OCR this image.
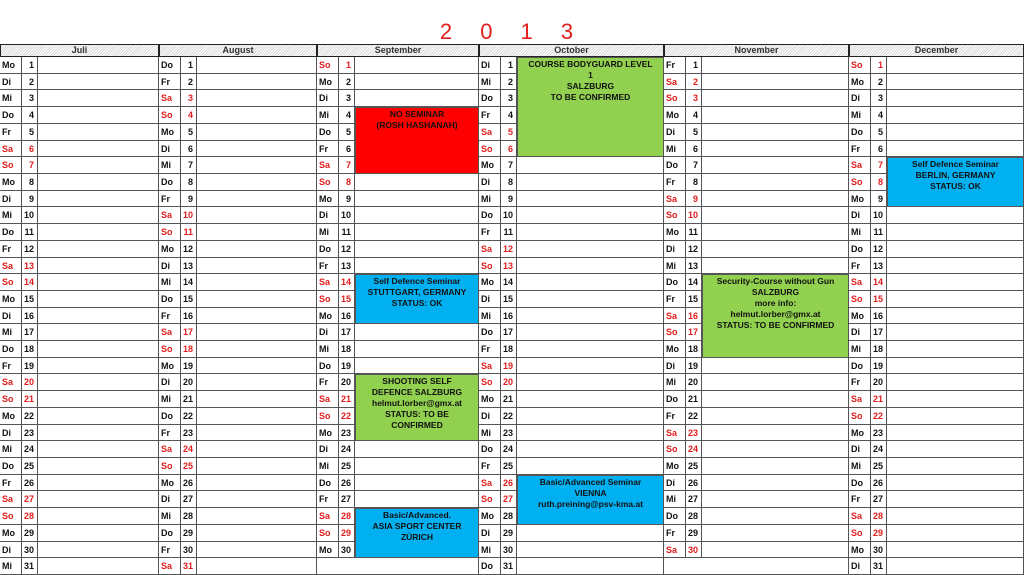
2 0 1 3
Juli
Mo	1
Di	2
Mi	3
Do	4
Fr	5
Sa	6
So	7
Mo	8
Di	9
Mi	10
Do	11
Fr	12
Sa	13
So	14
Mo 15
Di	16
Mi	17
Do	18
Fr	19
Sa	20
So	21
Mo 22
Di	23
Mi	24
Do	25
Fr	26
Sa	27
So	28
Mo 29
Di	30
Mi	31
August
Do	1
Fr	2
Sa	3
So	4
Mo	5
Di	6
Mi	7
Do	8
Fr	9
Sa	10
So	11
Mo 12
Di	13
Mi	14
Do	15
Fr	16
Sa	17
So	18
Mo 19
Di	20
Mi	21
Do	22
Fr	23
Sa	24
So	25
Mo 26
Di	27
Mi	28
Do	29
Fr	30
Sa	31
September
So	1
Mo	2
Di	3
Mi	4
Do	5
Fr	6
Sa	7
So	8
Mo	9
Di	10
Mi	11
Do	12
Fr	13
Sa	14
So	15
Mo 16
Di	17
Mi	18
Do	19
Fr	20
Sa	21
So	22
Mo 23
Di	24
Mi	25
Do	26
Fr	27
Sa	28
So	29
Mo 30
October
Di	1
Mi	2
Do	3
Fr	4
Sa	5
So	6
Mo	7
Di	8
Mi	9
Do	10
Fr	11
Sa	12
So	13
Mo 14
Di	15
Mi	16
Do	17
Fr	18
Sa	19
So	20
Mo 21
Di	22
Mi	23
Do	24
Fr	25
Sa	26
So	27
Mo 28
Di	29
Mi	30
Do	31
November
Fr	1
Sa	2
So	3
Mo	4
Di	5
Mi	6
Do	7
Fr	8
Sa	9
So	10
Mo	11
Di	12
Mi	13
Do	14
Fr	15
Sa	16
So	17
Mo 18
Di	19
Mi	20
Do	21
Fr	22
Sa	23
So	24
Mo 25
Di	26
Mi	27
Do	28
Fr	29
Sa	30
December
So	1
Mo	2
Di	3
Mi	4
Do	5
Fr	6
Sa	7
So	8
Mo	9
Di	10
Mi	11
Do	12
Fr	13
Sa	14
So	15
Mo 16
Di	17
Mi	18
Do	19
Fr	20
Sa	21
So	22
Mo 23
Di	24
Mi	25
Do	26
Fr	27
Sa	28
So	29
Mo 30
Di	31
NO SEMINAR
(ROSH HASHANAH)
Self Defence Seminar
STUTTGART, GERMANY
STATUS: OK
SHOOTING SELF
DEFENCE SALZBURG
helmut.lorber@gmx.at
STATUS: TO BE
CONFIRMED
Basic/Advanced.
ASIA SPORT CENTER
ZÜRICH
COURSE BODYGUARD LEVEL
1
SALZBURG
TO BE CONFIRMED
Basic/Advanced Seminar
VIENNA
ruth.preining@psv-kma.at
Security-Course without Gun
SALZBURG
more info:
helmut.lorber@gmx.at
STATUS: TO BE CONFIRMED
Self Defence Seminar
BERLIN, GERMANY
STATUS: OK
